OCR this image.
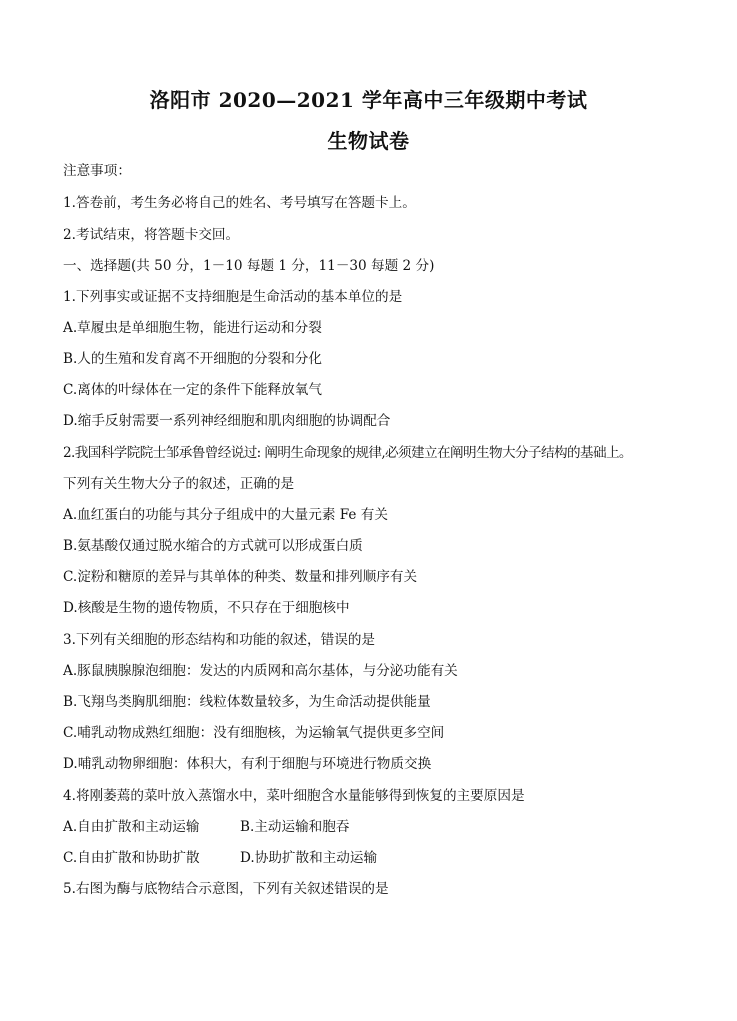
洛阳市 2020—2021 学年高中三年级期中考试
生物试卷
注意事项：
1.答卷前，考生务必将自己的姓名、考号填写在答题卡上。
2.考试结束，将答题卡交回。
一、选择题(共 50 分，1－10 每题 1 分，11－30 每题 2 分)
1.下列事实或证据不支持细胞是生命活动的基本单位的是
A.草履虫是单细胞生物，能进行运动和分裂
B.人的生殖和发育离不开细胞的分裂和分化
C.离体的叶绿体在一定的条件下能释放氧气
D.缩手反射需要一系列神经细胞和肌肉细胞的协调配合
2.我国科学院院士邹承鲁曾经说过: 阐明生命现象的规律,必须建立在阐明生物大分子结构的基础上。
下列有关生物大分子的叙述，正确的是
A.血红蛋白的功能与其分子组成中的大量元素 Fe 有关
B.氨基酸仅通过脱水缩合的方式就可以形成蛋白质
C.淀粉和糖原的差异与其单体的种类、数量和排列顺序有关
D.核酸是生物的遗传物质，不只存在于细胞核中
3.下列有关细胞的形态结构和功能的叙述，错误的是
A.豚鼠胰腺腺泡细胞：发达的内质网和高尔基体，与分泌功能有关
B.飞翔鸟类胸肌细胞：线粒体数量较多，为生命活动提供能量
C.哺乳动物成熟红细胞：没有细胞核，为运输氧气提供更多空间
D.哺乳动物卵细胞：体积大，有利于细胞与环境进行物质交换
4.将刚萎蔫的菜叶放入蒸馏水中，菜叶细胞含水量能够得到恢复的主要原因是
A.自由扩散和主动运输	B.主动运输和胞吞
C.自由扩散和协助扩散	D.协助扩散和主动运输
5.右图为酶与底物结合示意图，下列有关叙述错误的是
